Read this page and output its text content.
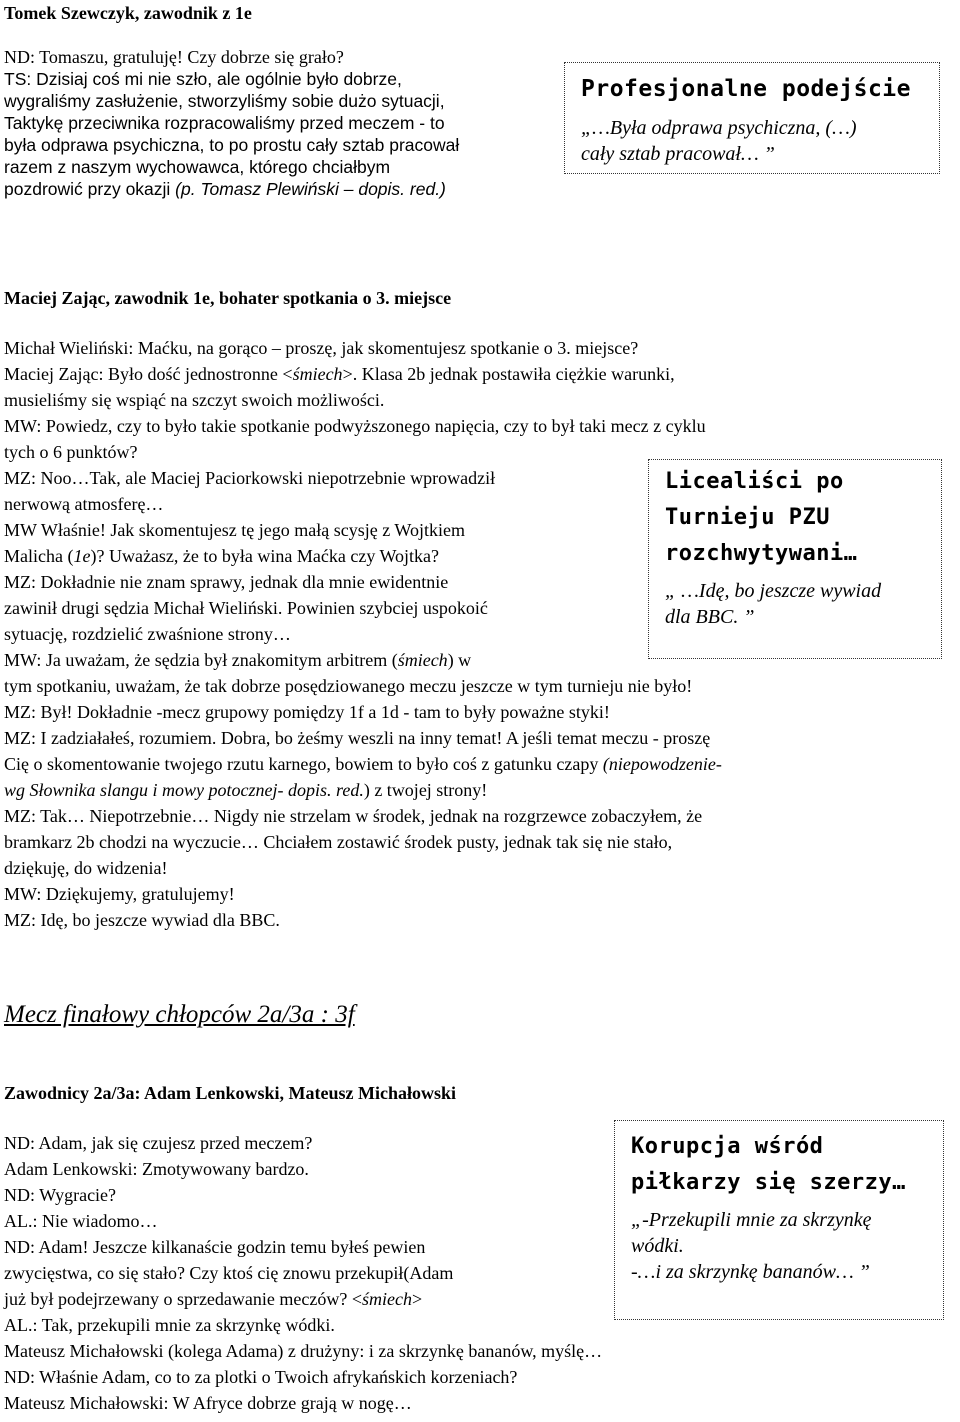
Tomek Szewczyk, zawodnik z 1e
ND: Tomaszu, gratuluję! Czy dobrze się grało?
TS: Dzisiaj coś mi nie szło, ale ogólnie było dobrze,
wygraliśmy zasłużenie, stworzyliśmy sobie dużo sytuacji,
Taktykę przeciwnika rozpracowaliśmy przed meczem - to
była odprawa psychiczna, to po prostu cały sztab pracował
razem z naszym wychowawca, którego chciałbym
pozdrowić przy okazji (p. Tomasz Plewiński – dopis. red.)
Profesjonalne podejście
„…Była odprawa psychiczna, (…)
cały sztab pracował… ”
Maciej Zając, zawodnik 1e, bohater spotkania o 3. miejsce
Michał Wieliński: Maćku, na gorąco – proszę, jak skomentujesz spotkanie o 3. miejsce?
Maciej Zając: Było dość jednostronne <śmiech>. Klasa 2b jednak postawiła ciężkie warunki,
musieliśmy się wspiąć na szczyt swoich możliwości.
MW: Powiedz, czy to było takie spotkanie podwyższonego napięcia, czy to był taki mecz z cyklu
tych o 6 punktów?
MZ: Noo…Tak, ale Maciej Paciorkowski niepotrzebnie wprowadził
nerwową atmosferę…
MW Właśnie! Jak skomentujesz tę jego małą scysję z Wojtkiem
Malicha (1e)? Uważasz, że to była wina Maćka czy Wojtka?
MZ: Dokładnie nie znam sprawy, jednak dla mnie ewidentnie
zawinił drugi sędzia Michał Wieliński. Powinien szybciej uspokoić
sytuację, rozdzielić zwaśnione strony…
MW: Ja uważam, że sędzia był znakomitym arbitrem (śmiech) w
tym spotkaniu, uważam, że tak dobrze posędziowanego meczu jeszcze w tym turnieju nie było!
MZ: Był! Dokładnie -mecz grupowy pomiędzy 1f a 1d - tam to były poważne styki!
MZ: I zadziałałeś, rozumiem. Dobra, bo żeśmy weszli na inny temat! A jeśli temat meczu - proszę
Cię o skomentowanie twojego rzutu karnego, bowiem to było coś z gatunku czapy (niepowodzenie-
wg Słownika slangu i mowy potocznej- dopis. red.) z twojej strony!
MZ: Tak… Niepotrzebnie… Nigdy nie strzelam w środek, jednak na rozgrzewce zobaczyłem, że
bramkarz 2b chodzi na wyczucie… Chciałem zostawić środek pusty, jednak tak się nie stało,
dziękuję, do widzenia!
MW: Dziękujemy, gratulujemy!
MZ: Idę, bo jeszcze wywiad dla BBC.
Licealiści po
Turnieju PZU
rozchwytywani…
„ …Idę, bo jeszcze wywiad
dla BBC. ”
Mecz finałowy chłopców 2a/3a : 3f
Zawodnicy 2a/3a: Adam Lenkowski, Mateusz Michałowski
ND: Adam, jak się czujesz przed meczem?
Adam Lenkowski: Zmotywowany bardzo.
ND: Wygracie?
AL.: Nie wiadomo…
ND: Adam! Jeszcze kilkanaście godzin temu byłeś pewien
zwycięstwa, co się stało? Czy ktoś cię znowu przekupił(Adam
już był podejrzewany o sprzedawanie meczów? <śmiech>
AL.: Tak, przekupili mnie za skrzynkę wódki.
Mateusz Michałowski (kolega Adama) z drużyny: i za skrzynkę bananów, myślę…
ND: Właśnie Adam, co to za plotki o Twoich afrykańskich korzeniach?
Mateusz Michałowski: W Afryce dobrze grają w nogę…
Korupcja wśród
piłkarzy się szerzy…
„-Przekupili mnie za skrzynkę
wódki.
-…i za skrzynkę bananów… ”
